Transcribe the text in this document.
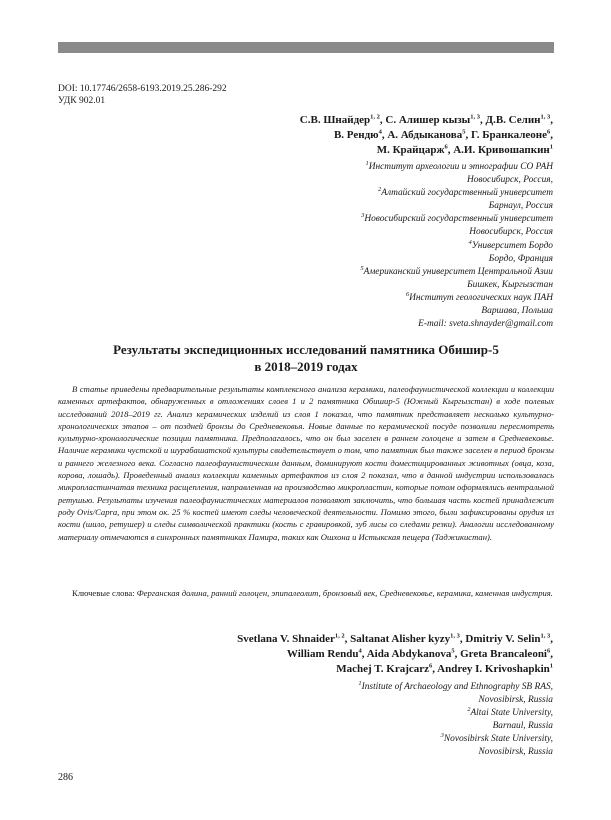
DOI: 10.17746/2658-6193.2019.25.286-292
УДК 902.01
С.В. Шнайдер$^{1, 2}$, С. Алишер кызы$^{1, 3}$, Д.В. Селин$^{1, 3}$,
В. Рендю$^4$, А. Абдыканова$^5$, Г. Бранкалеоне$^6$,
М. Крайцарж$^6$, А.И. Кривошапкин$^1$
$^1$Институт археологии и этнографии СО РАН
Новосибирск, Россия,
$^2$Алтайский государственный университет
Барнаул, Россия
$^3$Новосибирский государственный университет
Новосибирск, Россия
$^4$Университет Бордо
Бордо, Франция
$^5$Американский университет Центральной Азии
Бишкек, Кыргызстан
$^6$Институт геологических наук ПАН
Варшава, Польша
E-mail: sveta.shnayder@gmail.com
Результаты экспедиционных исследований памятника Обишир-5
в 2018–2019 годах

В статье приведены предварительные результаты комплексного анализа керамики, палеофаунистической коллекции и коллекции каменных артефактов, обнаруженных в отложениях слоев 1 и 2 памятника Обишир-5 (Южный Кыргызстан) в ходе полевых исследований 2018–2019 гг. Анализ керамических изделий из слоя 1 показал, что памятник представляет несколько культурно-хронологических этапов – от поздней бронзы до Средневековья. Новые данные по керамической посуде позволили пересмотреть культурно-хронологические позиции памятника. Предполагалось, что он был заселен в раннем голоцене и затем в Средневековье. Наличие керамики чустской и шурабашатской культуры свидетельствует о том, что памятник был также заселен в период бронзы и раннего железного века. Согласно палеофаунистическим данным, доминируют кости доместицированных животных (овца, коза, корова, лошадь). Проведенный анализ коллекции каменных артефактов из слоя 2 показал, что в данной индустрии использовалась микропластинчатая техника расщепления, направленная на производство микропластин, которые потом оформлялись вентральной ретушью. Результаты изучения палеофаунистических материалов позволяют заключить, что большая часть костей принадлежит роду Ovis/Capra, при этом ок. 25 % костей имеют следы человеческой деятельности. Помимо этого, были зафиксированы орудия из кости (шило, ретушер) и следы символической практики (кость с гравировкой, зуб лисы со следами резки). Аналогии исследованному материалу отмечаются в синхронных памятниках Памира, таких как Ошхона и Истыкская пещера (Таджикистан).

Ключевые слова: Ферганская долина, ранний голоцен, эпипалеолит, бронзовый век, Средневековье, керамика, каменная индустрия.

Svetlana V. Shnaider$^{1, 2}$, Saltanat Alisher kyzy$^{1, 3}$, Dmitriy V. Selin$^{1, 3}$,
William Rendu$^4$, Aida Abdykanova$^5$, Greta Brancaleoni$^6$,
Machej T. Krajcarz$^6$, Andrey I. Krivoshapkin$^1$
$^1$Institute of Archaeology and Ethnography SB RAS,
Novosibirsk, Russia
$^2$Altai State University,
Barnaul, Russia
$^3$Novosibirsk State University,
Novosibirsk, Russia
286
